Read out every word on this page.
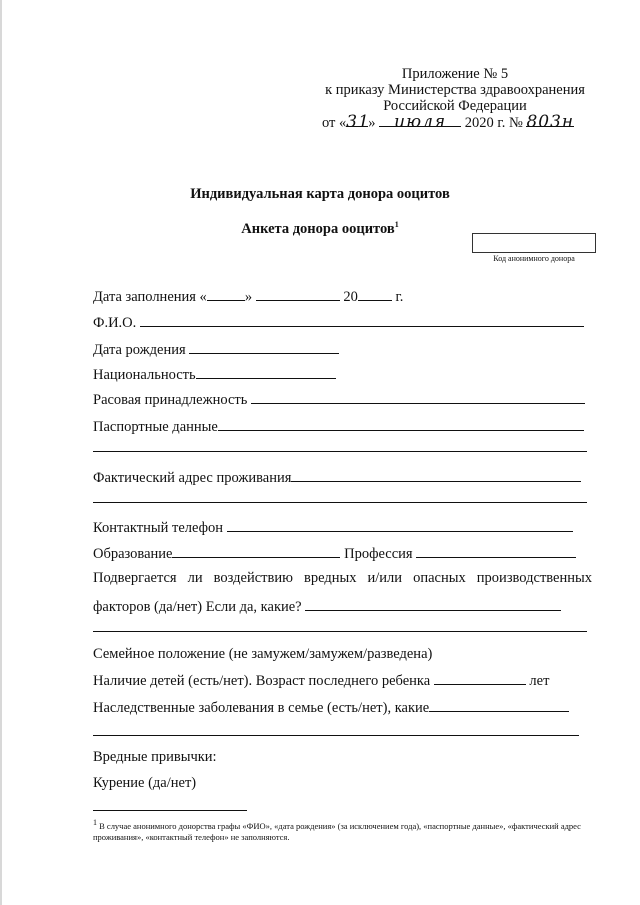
Приложение № 5
к приказу Министерства здравоохранения
Российской Федерации
от «31» июля 2020 г. № 803н
Индивидуальная карта донора ооцитов
Анкета донора ооцитов$^1$
Код анонимного донора
Дата заполнения «	»	20	г.
Ф.И.О.
Дата рождения
Национальность
Расовая принадлежность
Паспортные данные
Фактический адрес проживания
Контактный телефон
Образование	Профессия
Подвергается ли воздействию вредных и/или опасных производственных
факторов (да/нет) Если да, какие?
Семейное положение (не замужем/замужем/разведена)
Наличие детей (есть/нет). Возраст последнего ребенка	лет
Наследственные заболевания в семье (есть/нет), какие
Вредные привычки:
Курение (да/нет)
$^1$ В случае анонимного донорства графы «ФИО», «дата рождения» (за исключением года), «паспортные данные», «фактический адрес проживания», «контактный телефон» не заполняются.
